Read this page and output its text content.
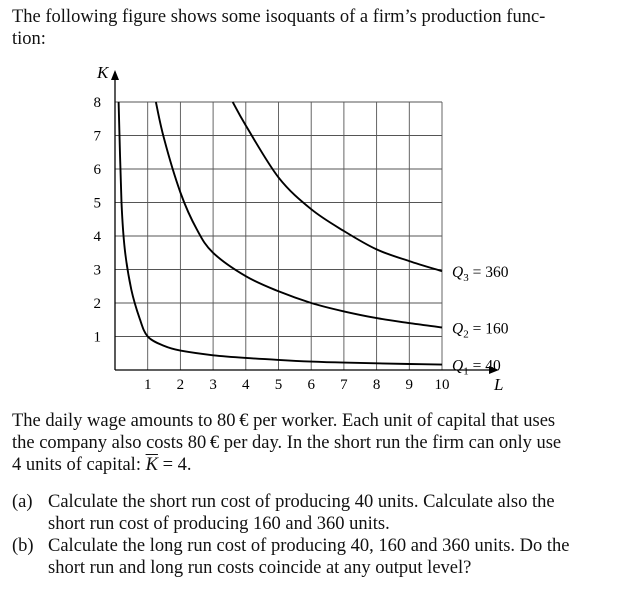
The following figure shows some isoquants of a firm’s production func-
tion:
K
L
1 2 3 4 5 6 7 8 9 10
1
2
3
4
5
6
7
8
$Q_1 = 40$
$Q_2 = 160$
$Q_3 = 360$
The daily wage amounts to 80 € per worker. Each unit of capital that uses
the company also costs 80 € per day. In the short run the firm can only use
4 units of capital: $\overline{K} = 4$.
(a) Calculate the short run cost of producing 40 units. Calculate also the
short run cost of producing 160 and 360 units.
(b) Calculate the long run cost of producing 40, 160 and 360 units. Do the
short run and long run costs coincide at any output level?
